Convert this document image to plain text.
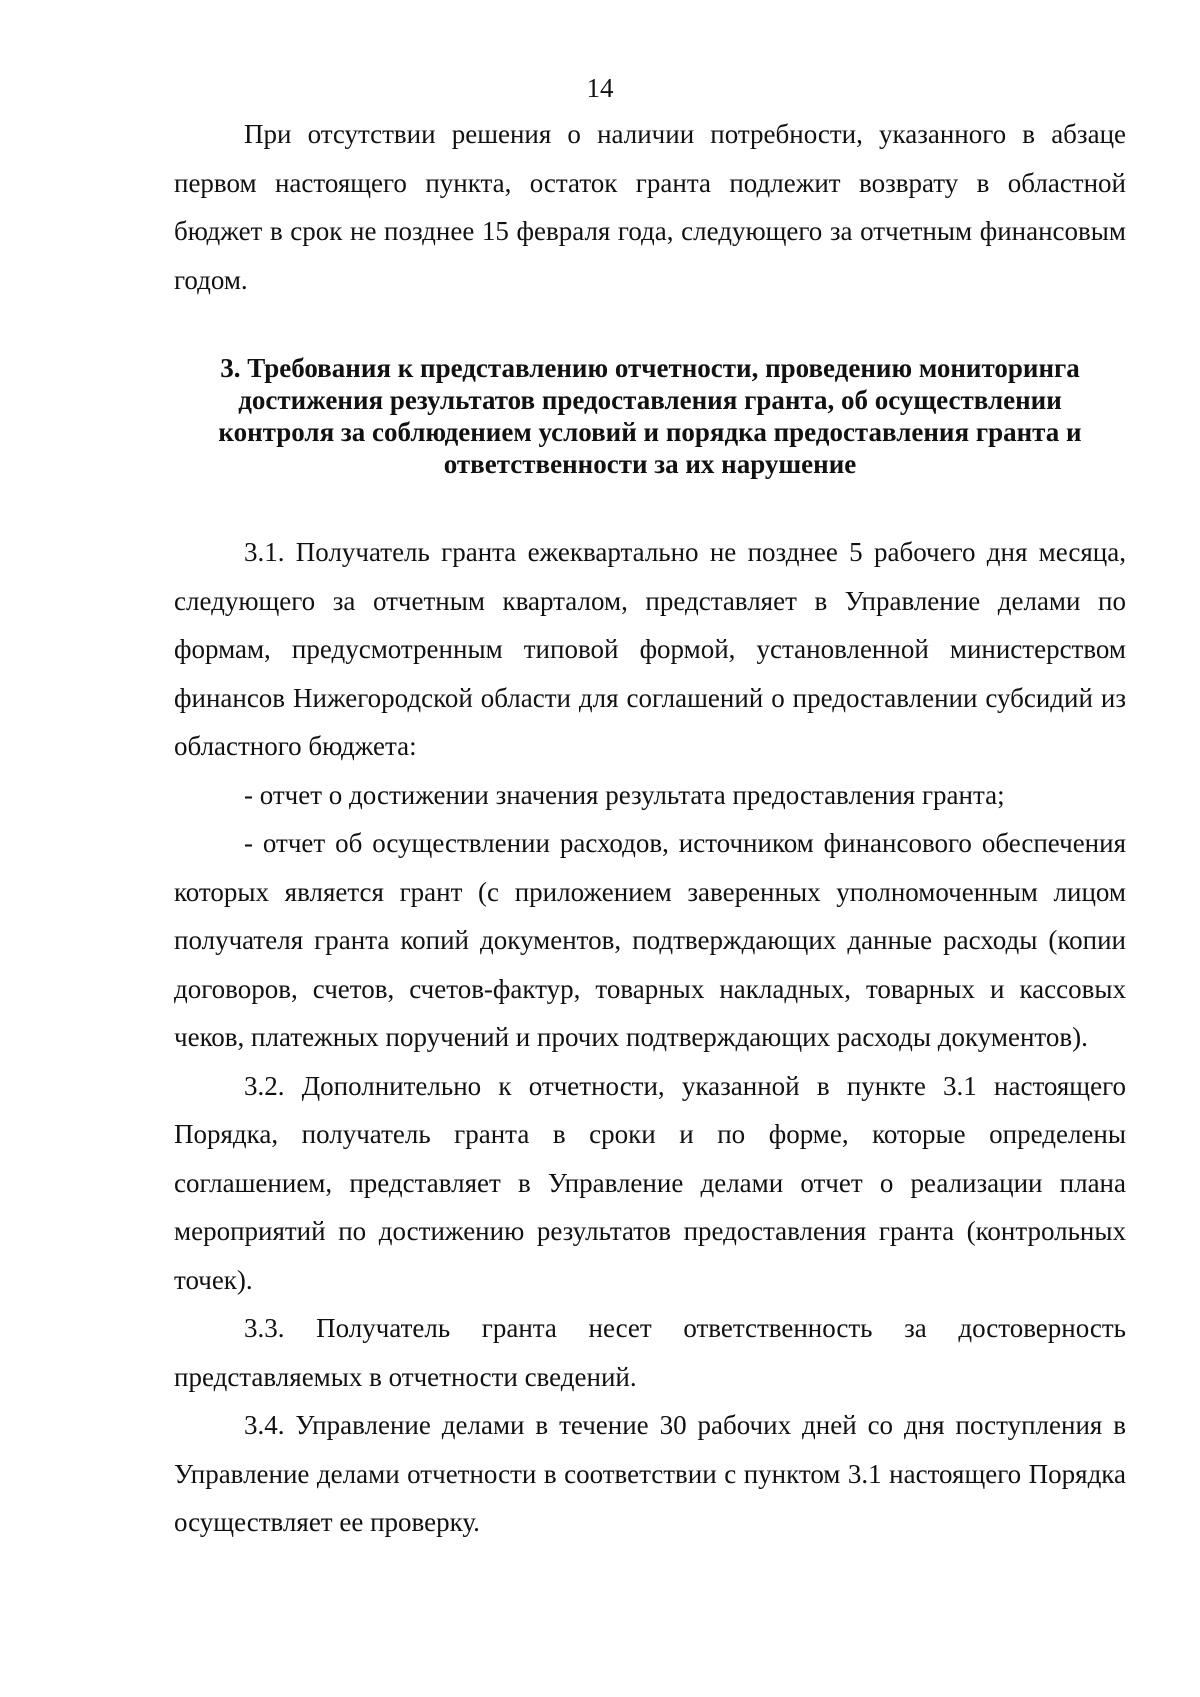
14

При отсутствии решения о наличии потребности, указанного в абзаце первом настоящего пункта, остаток гранта подлежит возврату в областной бюджет в срок не позднее 15 февраля года, следующего за отчетным финансовым годом.

3. Требования к представлению отчетности, проведению мониторинга достижения результатов предоставления гранта, об осуществлении контроля за соблюдением условий и порядка предоставления гранта и ответственности за их нарушение

3.1. Получатель гранта ежеквартально не позднее 5 рабочего дня месяца, следующего за отчетным кварталом, представляет в Управление делами по формам, предусмотренным типовой формой, установленной министерством финансов Нижегородской области для соглашений о предоставлении субсидий из областного бюджета:

- отчет о достижении значения результата предоставления гранта;

- отчет об осуществлении расходов, источником финансового обеспечения которых является грант (с приложением заверенных уполномоченным лицом получателя гранта копий документов, подтверждающих данные расходы (копии договоров, счетов, счетов-фактур, товарных накладных, товарных и кассовых чеков, платежных поручений и прочих подтверждающих расходы документов).

3.2. Дополнительно к отчетности, указанной в пункте 3.1 настоящего Порядка, получатель гранта в сроки и по форме, которые определены соглашением, представляет в Управление делами отчет о реализации плана мероприятий по достижению результатов предоставления гранта (контрольных точек).

3.3. Получатель гранта несет ответственность за достоверность представляемых в отчетности сведений.

3.4. Управление делами в течение 30 рабочих дней со дня поступления в Управление делами отчетности в соответствии с пунктом 3.1 настоящего Порядка осуществляет ее проверку.
